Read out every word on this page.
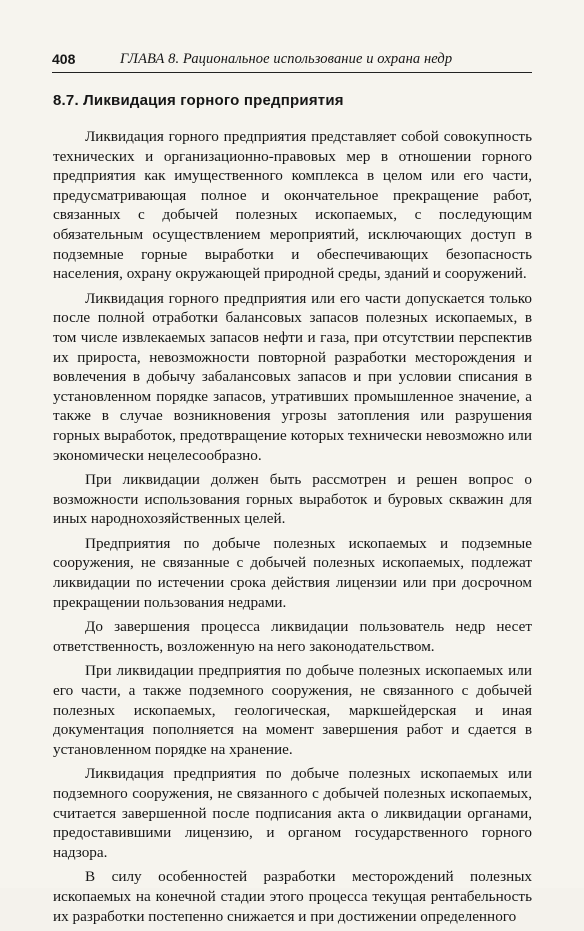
408	ГЛАВА 8. Рациональное использование и охрана недр
8.7. Ликвидация горного предприятия

Ликвидация горного предприятия представляет собой совокупность технических и организационно-правовых мер в отношении горного предприятия как имущественного комплекса в целом или его части, предусматривающая полное и окончательное прекращение работ, связанных с добычей полезных ископаемых, с последующим обязательным осуществлением мероприятий, исключающих доступ в подземные горные выработки и обеспечивающих безопасность населения, охрану окружающей природной среды, зданий и сооружений.

Ликвидация горного предприятия или его части допускается только после полной отработки балансовых запасов полезных ископаемых, в том числе извлекаемых запасов нефти и газа, при отсутствии перспектив их прироста, невозможности повторной разработки месторождения и вовлечения в добычу забалансовых запасов и при условии списания в установленном порядке запасов, утративших промышленное значение, а также в случае возникновения угрозы затопления или разрушения горных выработок, предотвращение которых технически невозможно или экономически нецелесообразно.

При ликвидации должен быть рассмотрен и решен вопрос о возможности использования горных выработок и буровых скважин для иных народнохозяйственных целей.

Предприятия по добыче полезных ископаемых и подземные сооружения, не связанные с добычей полезных ископаемых, подлежат ликвидации по истечении срока действия лицензии или при досрочном прекращении пользования недрами.

До завершения процесса ликвидации пользователь недр несет ответственность, возложенную на него законодательством.

При ликвидации предприятия по добыче полезных ископаемых или его части, а также подземного сооружения, не связанного с добычей полезных ископаемых, геологическая, маркшейдерская и иная документация пополняется на момент завершения работ и сдается в установленном порядке на хранение.

Ликвидация предприятия по добыче полезных ископаемых или подземного сооружения, не связанного с добычей полезных ископаемых, считается завершенной после подписания акта о ликвидации органами, предоставившими лицензию, и органом государственного горного надзора.

В силу особенностей разработки месторождений полезных ископаемых на конечной стадии этого процесса текущая рентабельность их разработки постепенно снижается и при достижении определенного
